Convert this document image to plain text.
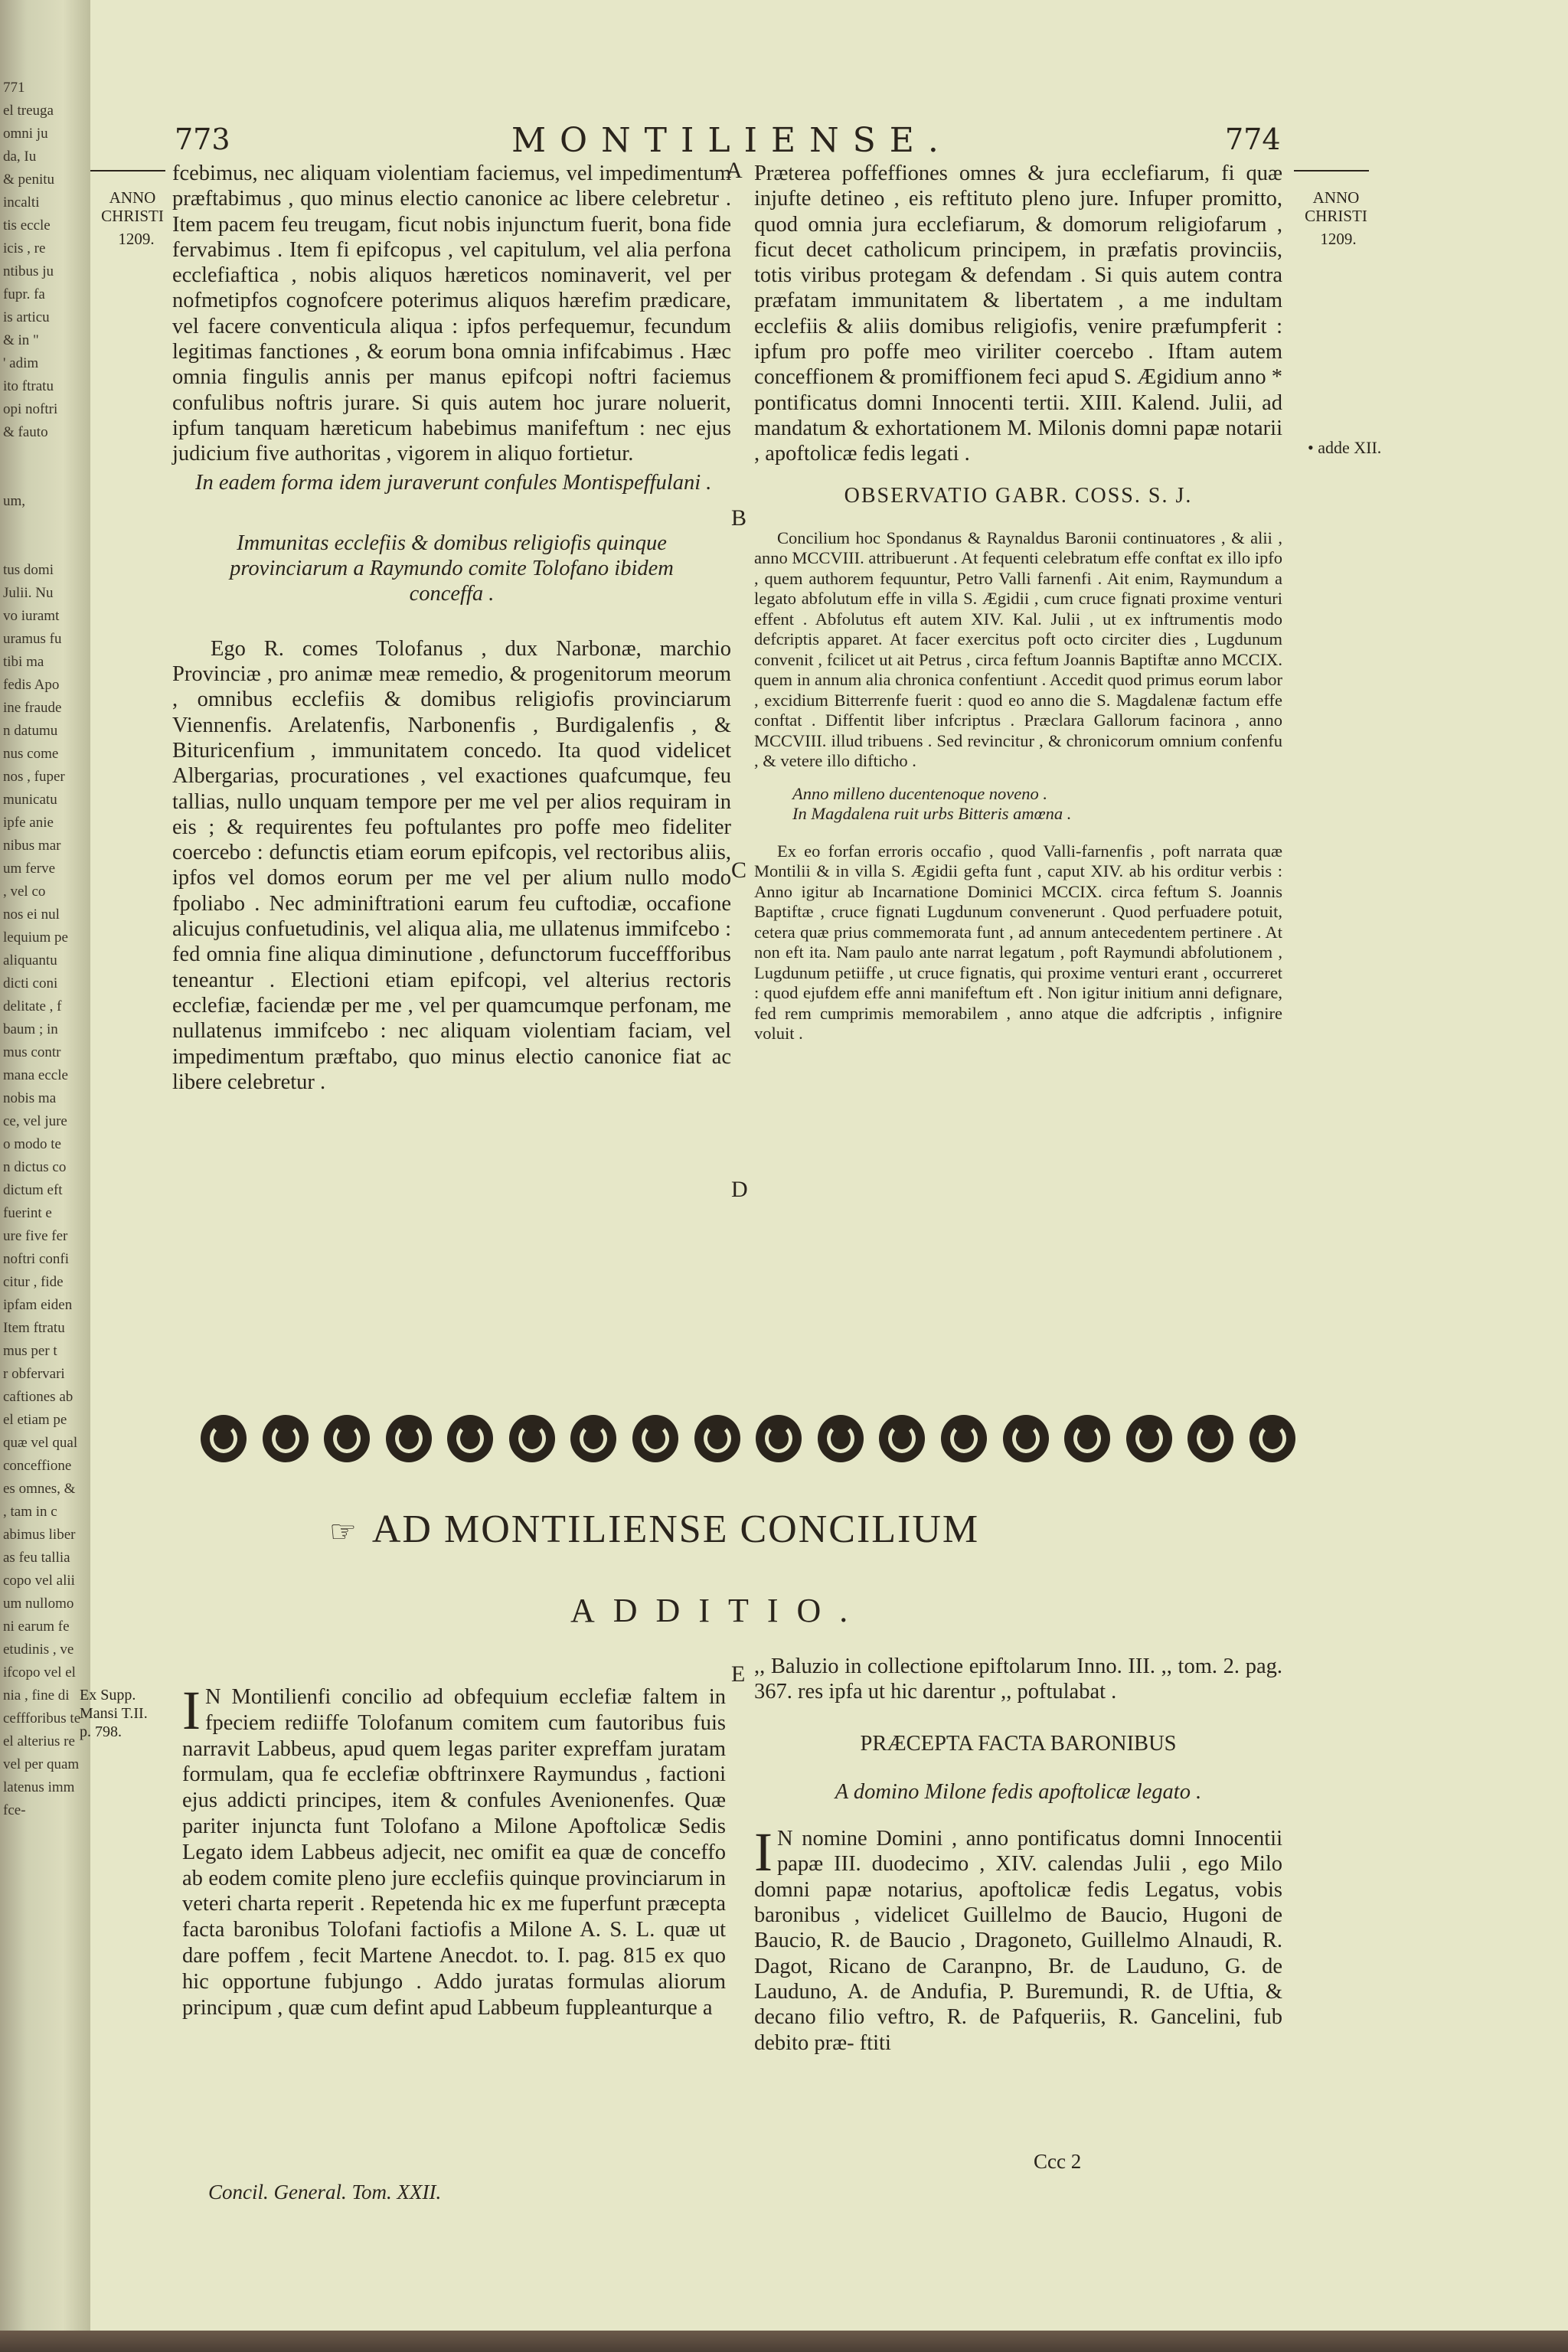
771
el treuga
omni ju
da, Iu
& penitu
incalti
tis eccle
icis , re
ntibus ju
fupr. fa
is articu
& in "
' adim
ito ftratu
opi noftri
& fauto

um,

tus domi
Julii. Nu
vo iuramt
uramus fu
tibi ma
fedis Apo
ine fraude
n datumu
nus come
nos , fuper
municatu
ipfe anie
nibus mar
um ferve
, vel co
nos ei nul
lequium pe
aliquantu
dicti coni
delitate , f
baum ; in
mus contr
mana eccle
nobis ma
ce, vel jure
o modo te
n dictus co
dictum eft
fuerint e
ure five fer
noftri confi
citur , fide
ipfam eiden
Item ftratu
mus per t
r obfervari
caftiones ab
el etiam pe
quæ vel qual
conceffione
es omnes, &
, tam in c
abimus liber
as feu tallia
copo vel alii
um nullomo
ni earum fe
etudinis , ve
ifcopo vel el
nia , fine di
ceffforibus te
el alterius re
vel per quam
latenus imm
fce-
773	MONTILIENSE.	774
ANNO
CHRISTI
1209.
ANNO
CHRISTI
1209.
• adde XII.
Ex Supp.
Mansi T.II.
p. 798.
A
B
C
D
E

fcebimus, nec aliquam violentiam faciemus, vel impedimentum præftabimus , quo minus electio canonice ac libere celebretur . Item pacem feu treugam, ficut nobis injunctum fuerit, bona fide fervabimus . Item fi epifcopus , vel capitulum, vel alia perfona ecclefiaftica , nobis aliquos hæreticos nominaverit, vel per nofmetipfos cognofcere poterimus aliquos hærefim prædicare, vel facere conventicula aliqua : ipfos perfequemur, fecundum legitimas fanctiones , & eorum bona omnia infifcabimus . Hæc omnia fingulis annis per manus epifcopi noftri faciemus confulibus noftris jurare. Si quis autem hoc jurare noluerit, ipfum tanquam hæreticum habebimus manifeftum : nec ejus judicium five authoritas , vigorem in aliquo fortietur.

In eadem forma idem juraverunt confules Montispeffulani .

Immunitas ecclefiis & domibus religiofis quinque provinciarum a Raymundo comite Tolofano ibidem conceffa .

Ego R. comes Tolofanus , dux Narbonæ, marchio Provinciæ , pro animæ meæ remedio, & progenitorum meorum , omnibus ecclefiis & domibus religiofis provinciarum Viennenfis. Arelatenfis, Narbonenfis , Burdigalenfis , & Bituricenfium , immunitatem concedo. Ita quod videlicet Albergarias, procurationes , vel exactiones quafcumque, feu tallias, nullo unquam tempore per me vel per alios requiram in eis ; & requirentes feu poftulantes pro poffe meo fideliter coercebo : defunctis etiam eorum epifcopis, vel rectoribus aliis, ipfos vel domos eorum per me vel per alium nullo modo fpoliabo . Nec adminiftrationi earum feu cuftodiæ, occafione alicujus confuetudinis, vel aliqua alia, me ullatenus immifcebo : fed omnia fine aliqua diminutione , defunctorum fucceffforibus teneantur . Electioni etiam epifcopi, vel alterius rectoris ecclefiæ, faciendæ per me , vel per quamcumque perfonam, me nullatenus immifcebo : nec aliquam violentiam faciam, vel impedimentum præftabo, quo minus electio canonice fiat ac libere celebretur .

Præterea poffeffiones omnes & jura ecclefiarum, fi quæ injufte detineo , eis reftituto pleno jure. Infuper promitto, quod omnia jura ecclefiarum, & domorum religiofarum , ficut decet catholicum principem, in præfatis provinciis, totis viribus protegam & defendam . Si quis autem contra præfatam immunitatem & libertatem , a me indultam ecclefiis & aliis domibus religiofis, venire præfumpferit : ipfum pro poffe meo viriliter coercebo . Iftam autem conceffionem & promiffionem feci apud S. Ægidium anno * pontificatus domni Innocenti tertii. XIII. Kalend. Julii, ad mandatum & exhortationem M. Milonis domni papæ notarii , apoftolicæ fedis legati .

OBSERVATIO GABR. COSS. S. J.

Concilium hoc Spondanus & Raynaldus Baronii continuatores , & alii , anno MCCVIII. attribuerunt . At fequenti celebratum effe conftat ex illo ipfo , quem authorem fequuntur, Petro Valli farnenfi . Ait enim, Raymundum a legato abfolutum effe in villa S. Ægidii , cum cruce fignati proxime venturi effent . Abfolutus eft autem XIV. Kal. Julii , ut ex inftrumentis modo defcriptis apparet. At facer exercitus poft octo circiter dies , Lugdunum convenit , fcilicet ut ait Petrus , circa feftum Joannis Baptiftæ anno MCCIX. quem in annum alia chronica confentiunt . Accedit quod primus eorum labor , excidium Bitterrenfe fuerit : quod eo anno die S. Magdalenæ factum effe conftat . Diffentit liber infcriptus . Præclara Gallorum facinora , anno MCCVIII. illud tribuens . Sed revincitur , & chronicorum omnium confenfu , & vetere illo difticho .

Anno milleno ducentenoque noveno .

In Magdalena ruit urbs Bitteris amœna .

Ex eo forfan erroris occafio , quod Valli-farnenfis , poft narrata quæ Montilii & in villa S. Ægidii gefta funt , caput XIV. ab his orditur verbis : Anno igitur ab Incarnatione Dominici MCCIX. circa feftum S. Joannis Baptiftæ , cruce fignati Lugdunum convenerunt . Quod perfuadere potuit, cetera quæ prius commemorata funt , ad annum antecedentem pertinere . At non eft ita. Nam paulo ante narrat legatum , poft Raymundi abfolutionem , Lugdunum petiiffe , ut cruce fignatis, qui proxime venturi erant , occurreret : quod ejufdem effe anni manifeftum eft . Non igitur initium anni defignare, fed rem cumprimis memorabilem , anno atque die adfcriptis , infignire voluit .

☞ AD MONTILIENSE CONCILIUM
ADDITIO.

I N Montilienfi concilio ad obfequium ecclefiæ faltem in fpeciem rediiffe Tolofanum comitem cum fautoribus fuis narravit Labbeus, apud quem legas pariter expreffam juratam formulam, qua fe ecclefiæ obftrinxere Raymundus , factioni ejus addicti principes, item & confules Avenionenfes. Quæ pariter injuncta funt Tolofano a Milone Apoftolicæ Sedis Legato idem Labbeus adjecit, nec omifit ea quæ de conceffo ab eodem comite pleno jure ecclefiis quinque provinciarum in veteri charta reperit . Repetenda hic ex me fuperfunt præcepta facta baronibus Tolofani factiofis a Milone A. S. L. quæ ut dare poffem , fecit Martene Anecdot. to. I. pag. 815 ex quo hic opportune fubjungo . Addo juratas formulas aliorum principum , quæ cum defint apud Labbeum fuppleanturque a

Concil. General. Tom. XXII.

,, Baluzio in collectione epiftolarum Inno. III. ,, tom. 2. pag. 367. res ipfa ut hic darentur ,, poftulabat .

PRÆCEPTA FACTA BARONIBUS

A domino Milone fedis apoftolicæ legato .

I N nomine Domini , anno pontificatus domni Innocentii papæ III. duodecimo , XIV. calendas Julii , ego Milo domni papæ notarius, apoftolicæ fedis Legatus, vobis baronibus , videlicet Guillelmo de Baucio, Hugoni de Baucio, R. de Baucio , Dragoneto, Guillelmo Alnaudi, R. Dagot, Ricano de Caranpno, Br. de Lauduno, G. de Lauduno, A. de Andufia, P. Buremundi, R. de Uftia, & decano filio veftro, R. de Pafqueriis, R. Gancelini, fub debito præ- ftiti

Ccc 2
